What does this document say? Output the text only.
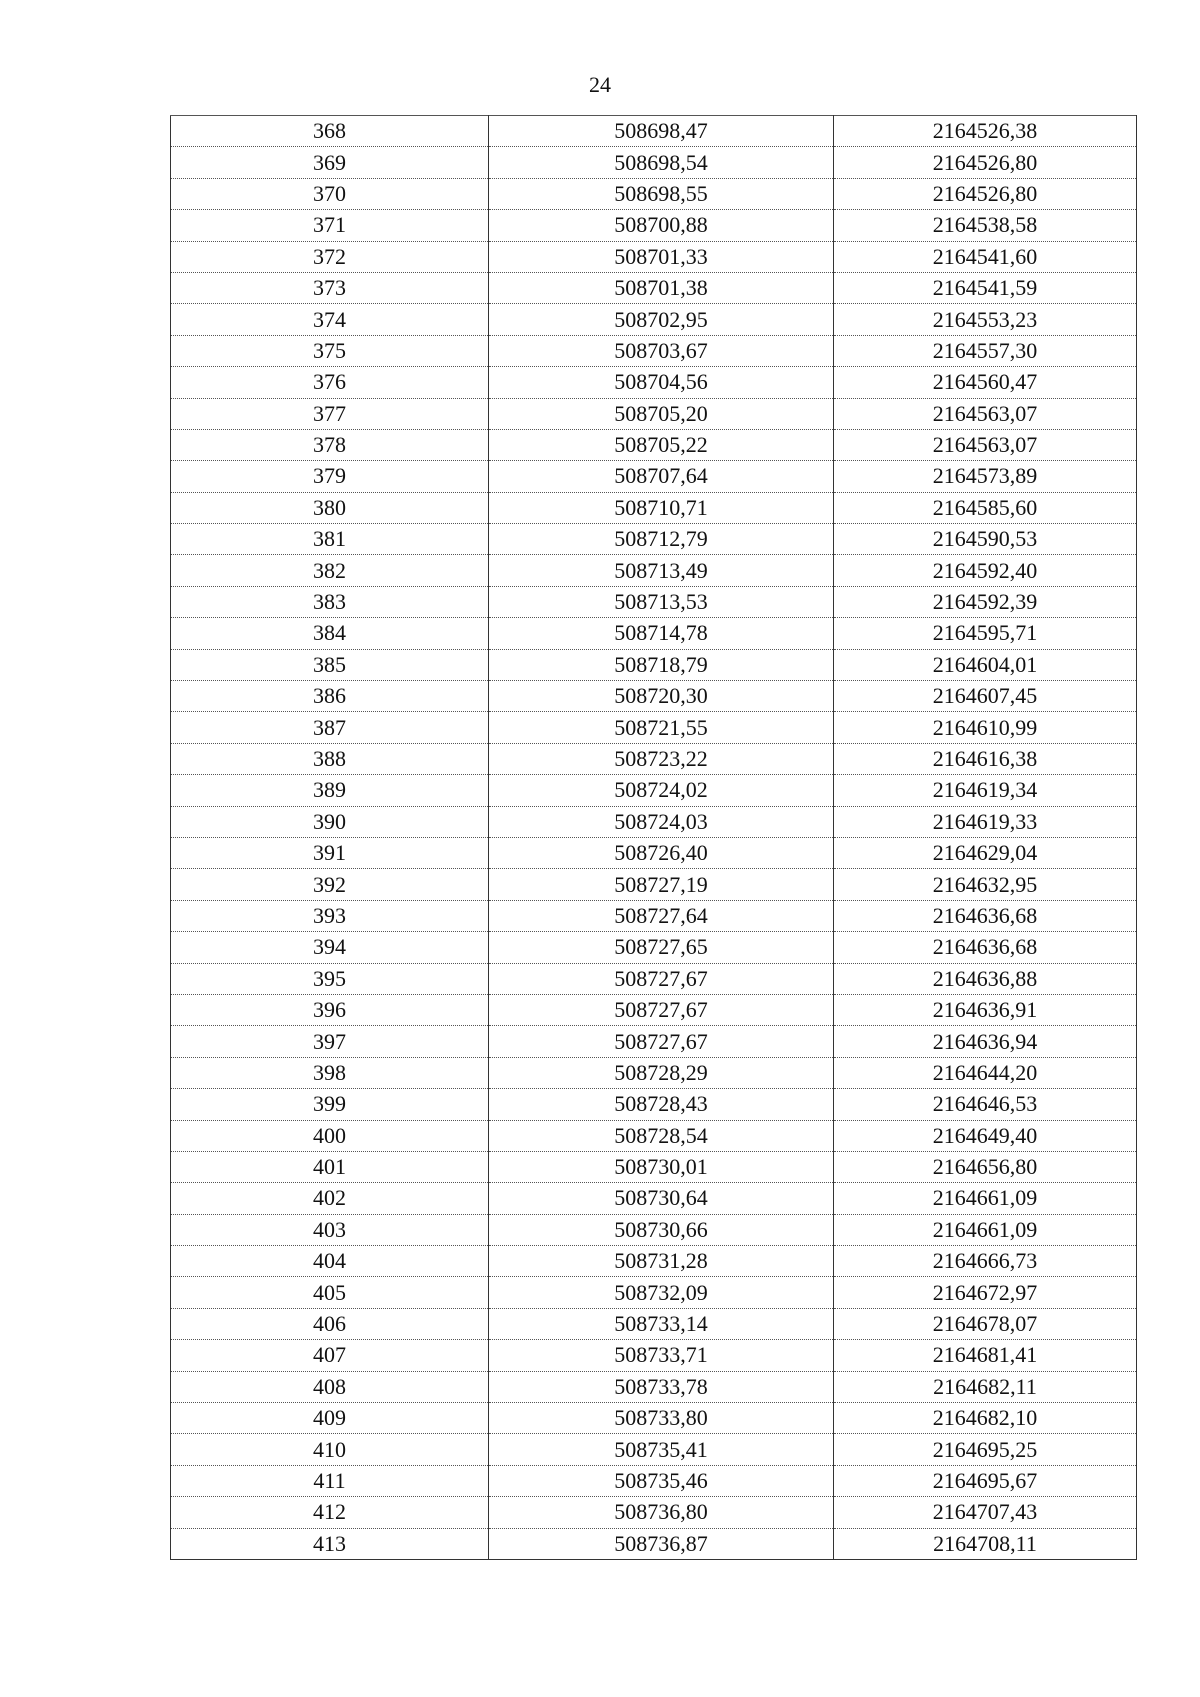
24
368	508698,47	2164526,38
369	508698,54	2164526,80
370	508698,55	2164526,80
371	508700,88	2164538,58
372	508701,33	2164541,60
373	508701,38	2164541,59
374	508702,95	2164553,23
375	508703,67	2164557,30
376	508704,56	2164560,47
377	508705,20	2164563,07
378	508705,22	2164563,07
379	508707,64	2164573,89
380	508710,71	2164585,60
381	508712,79	2164590,53
382	508713,49	2164592,40
383	508713,53	2164592,39
384	508714,78	2164595,71
385	508718,79	2164604,01
386	508720,30	2164607,45
387	508721,55	2164610,99
388	508723,22	2164616,38
389	508724,02	2164619,34
390	508724,03	2164619,33
391	508726,40	2164629,04
392	508727,19	2164632,95
393	508727,64	2164636,68
394	508727,65	2164636,68
395	508727,67	2164636,88
396	508727,67	2164636,91
397	508727,67	2164636,94
398	508728,29	2164644,20
399	508728,43	2164646,53
400	508728,54	2164649,40
401	508730,01	2164656,80
402	508730,64	2164661,09
403	508730,66	2164661,09
404	508731,28	2164666,73
405	508732,09	2164672,97
406	508733,14	2164678,07
407	508733,71	2164681,41
408	508733,78	2164682,11
409	508733,80	2164682,10
410	508735,41	2164695,25
411	508735,46	2164695,67
412	508736,80	2164707,43
413	508736,87	2164708,11
